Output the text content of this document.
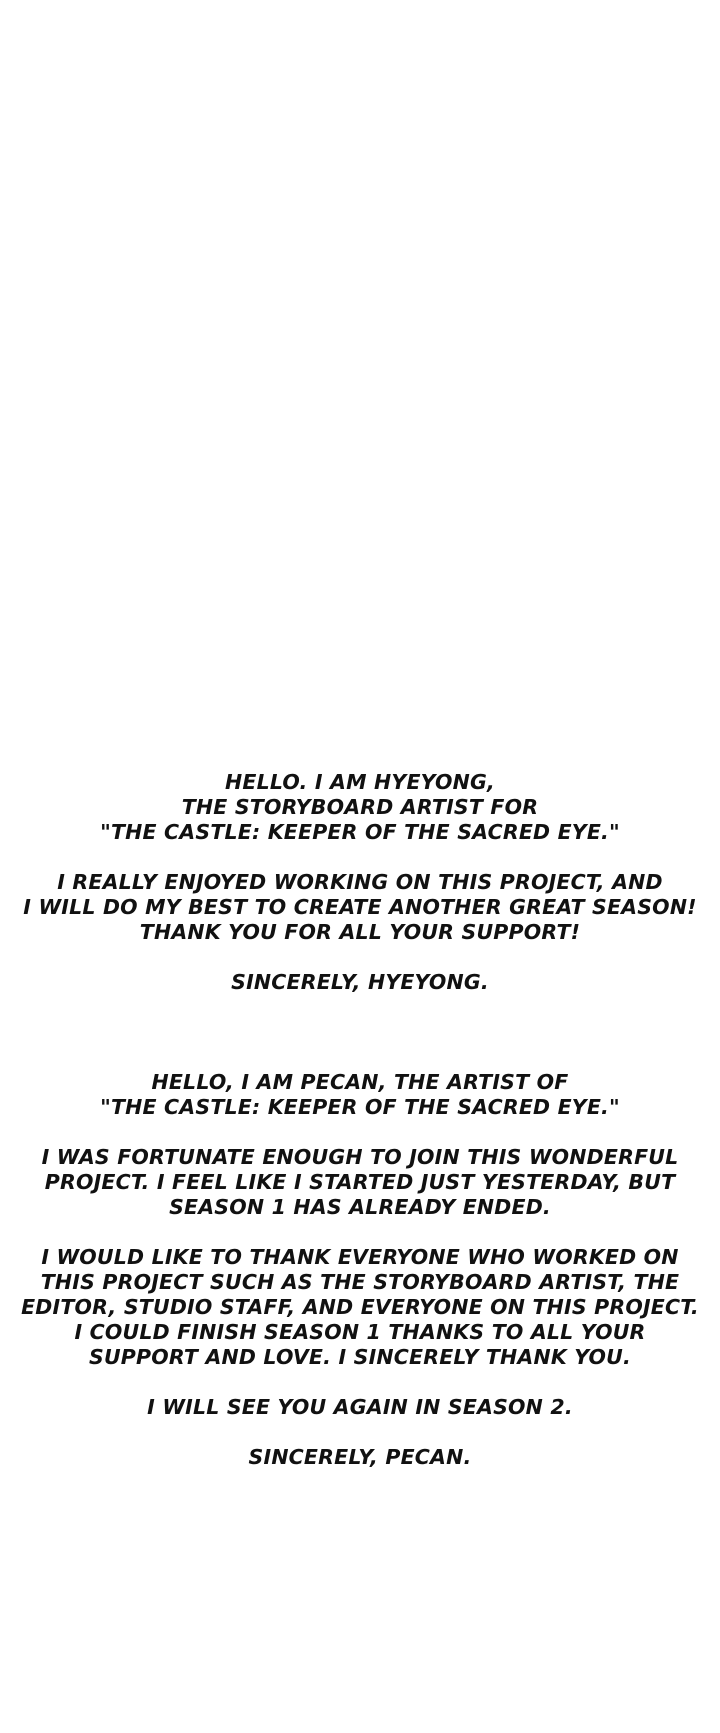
HELLO. I AM HYEYONG,

THE STORYBOARD ARTIST FOR

"THE CASTLE: KEEPER OF THE SACRED EYE."

I REALLY ENJOYED WORKING ON THIS PROJECT, AND

I WILL DO MY BEST TO CREATE ANOTHER GREAT SEASON!

THANK YOU FOR ALL YOUR SUPPORT!

SINCERELY, HYEYONG.

HELLO, I AM PECAN, THE ARTIST OF

"THE CASTLE: KEEPER OF THE SACRED EYE."

I WAS FORTUNATE ENOUGH TO JOIN THIS WONDERFUL

PROJECT. I FEEL LIKE I STARTED JUST YESTERDAY, BUT

SEASON 1 HAS ALREADY ENDED.

I WOULD LIKE TO THANK EVERYONE WHO WORKED ON

THIS PROJECT SUCH AS THE STORYBOARD ARTIST, THE

EDITOR, STUDIO STAFF, AND EVERYONE ON THIS PROJECT.

I COULD FINISH SEASON 1 THANKS TO ALL YOUR

SUPPORT AND LOVE. I SINCERELY THANK YOU.

I WILL SEE YOU AGAIN IN SEASON 2.

SINCERELY, PECAN.
